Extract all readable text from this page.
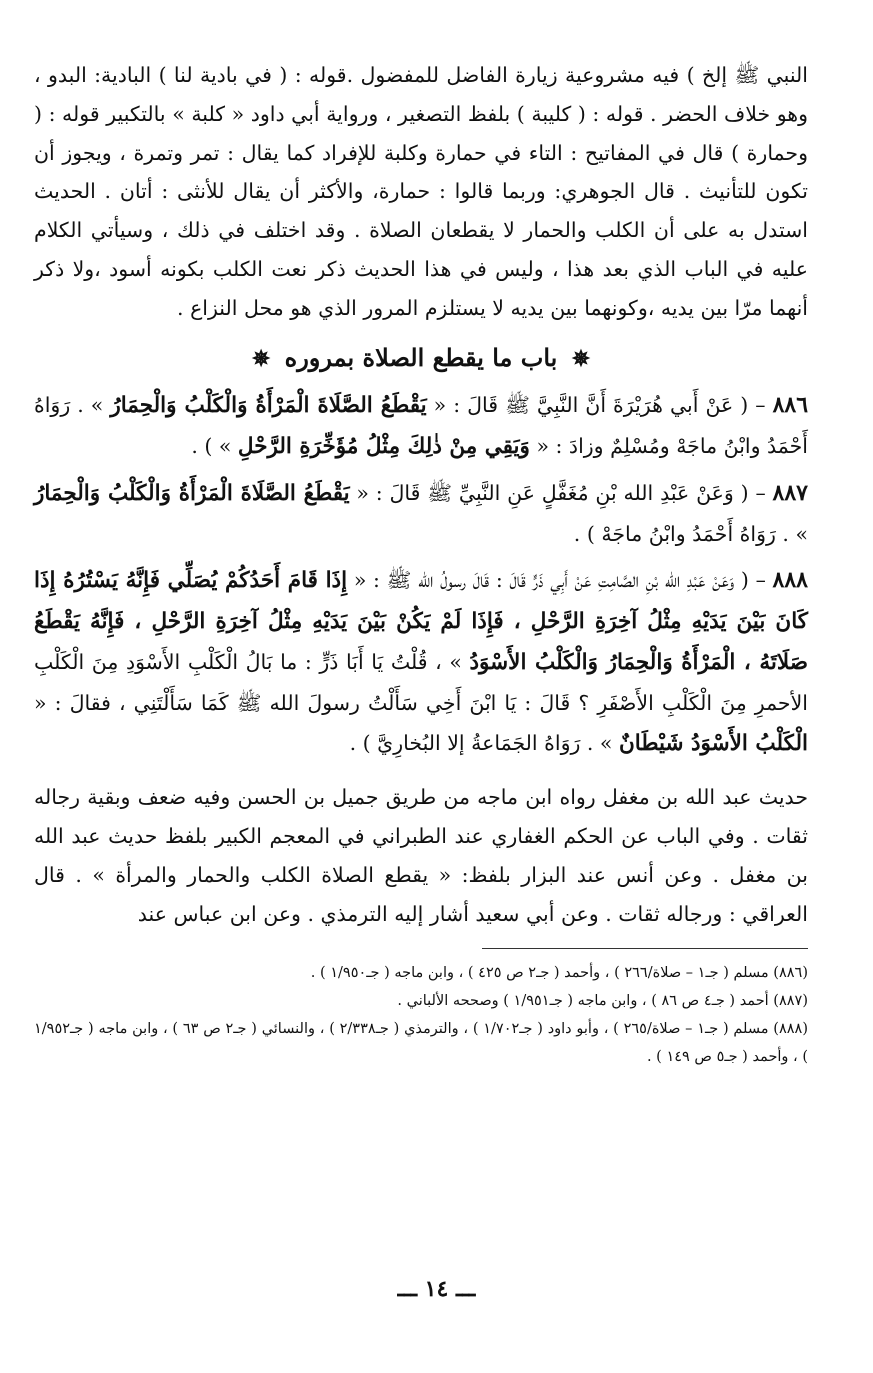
النبي ﷺ إلخ ) فيه مشروعية زيارة الفاضل للمفضول .قوله : ( في بادية لنا ) البادية: البدو ، وهو خلاف الحضر . قوله : ( كليبة ) بلفظ التصغير ، ورواية أبي داود « كلبة » بالتكبير قوله : ( وحمارة ) قال في المفاتيح : التاء في حمارة وكلبة للإفراد كما يقال : تمر وتمرة ، ويجوز أن تكون للتأنيث . قال الجوهري: وربما قالوا : حمارة، والأكثر أن يقال للأنثى : أتان . الحديث استدل به على أن الكلب والحمار لا يقطعان الصلاة . وقد اختلف في ذلك ، وسيأتي الكلام عليه في الباب الذي بعد هذا ، وليس في هذا الحديث ذكر نعت الكلب بكونه أسود ،ولا ذكر أنهما مرّا بين يديه ،وكونهما بين يديه لا يستلزم المرور الذي هو محل النزاع .
✵ باب ما يقطع الصلاة بمروره ✵
٨٨٦ – ( عَنْ أَبي هُرَيْرَةَ أَنَّ النَّبِيَّ ﷺ قَالَ : « يَقْطَعُ الصَّلَاةَ الْمَرْأَةُ وَالْكَلْبُ وَالْحِمَارُ » . رَوَاهُ أَحْمَدُ وابْنُ ماجَهْ ومُسْلِمٌ وزادَ : « وَيَقِي مِنْ ذٰلِكَ مِثْلُ مُؤَخِّرَةِ الرَّحْلِ » ) .
٨٨٧ – ( وَعَنْ عَبْدِ الله بْنِ مُغَفَّلٍ عَنِ النَّبِيِّ ﷺ قَالَ : « يَقْطَعُ الصَّلَاةَ الْمَرْأَةُ وَالْكَلْبُ وَالْحِمَارُ » . رَوَاهُ أَحْمَدُ وابْنُ ماجَهْ ) .
٨٨٨ – ( وَعَنْ عَبْدِ الله بْنِ الصَّامِتِ عَنْ أَبِي ذَرٍّ قَالَ : قَالَ رسولُ الله ﷺ : « إِذَا قَامَ أَحَدُكُمْ يُصَلِّي فَإِنَّهُ يَسْتُرُهُ إِذَا كَانَ بَيْنَ يَدَيْهِ مِثْلُ آخِرَةِ الرَّحْلِ ، فَإِذَا لَمْ يَكُنْ بَيْنَ يَدَيْهِ مِثْلُ آخِرَةِ الرَّحْلِ ، فَإِنَّهُ يَقْطَعُ صَلَاتَهُ ، الْمَرْأَةُ وَالْحِمَارُ وَالْكَلْبُ الأَسْوَدُ » ، قُلْتُ يَا أَبَا ذَرٍّ : ما بَالُ الْكَلْبِ الأَسْوَدِ مِنَ الْكَلْبِ الأحمرِ مِنَ الْكَلْبِ الأَصْفَرِ ؟ قَالَ : يَا ابْنَ أَخِي سَأَلْتُ رسولَ الله ﷺ كَمَا سَأَلْتَنِي ، فقالَ : « الْكَلْبُ الأَسْوَدُ شَيْطَانٌ » . رَوَاهُ الجَمَاعةُ إلا البُخارِيَّ ) .
حديث عبد الله بن مغفل رواه ابن ماجه من طريق جميل بن الحسن وفيه ضعف وبقية رجاله ثقات . وفي الباب عن الحكم الغفاري عند الطبراني في المعجم الكبير بلفظ حديث عبد الله بن مغفل . وعن أنس عند البزار بلفظ: « يقطع الصلاة الكلب والحمار والمرأة » . قال العراقي : ورجاله ثقات . وعن أبي سعيد أشار إليه الترمذي . وعن ابن عباس عند

(٨٨٦) مسلم ( جـ١ – صلاة/٢٦٦ ) ، وأحمد ( جـ٢ ص ٤٢٥ ) ، وابن ماجه ( جـ١/٩٥٠ ) .

(٨٨٧) أحمد ( جـ٤ ص ٨٦ ) ، وابن ماجه ( جـ١/٩٥١ ) وصححه الألباني .

(٨٨٨) مسلم ( جـ١ – صلاة/٢٦٥ ) ، وأبو داود ( جـ١/٧٠٢ ) ، والترمذي ( جـ٢/٣٣٨ ) ، والنسائي ( جـ٢ ص ٦٣ ) ، وابن ماجه ( جـ١/٩٥٢ ) ، وأحمد ( جـ٥ ص ١٤٩ ) .

ـــ ١٤ ـــ
